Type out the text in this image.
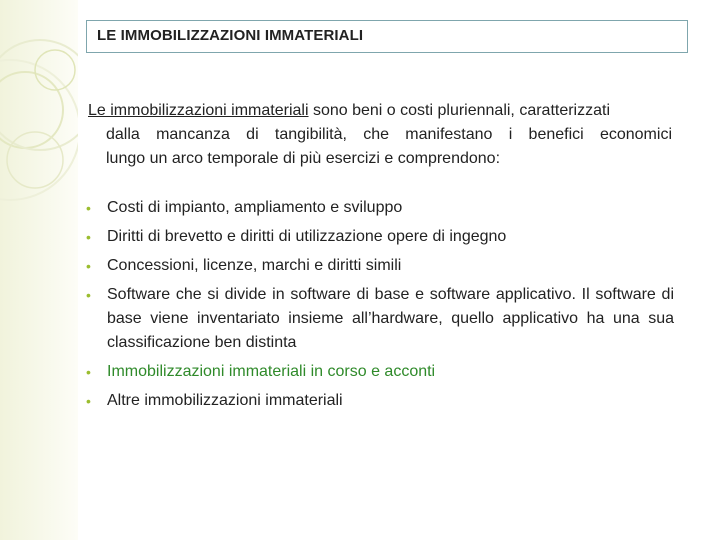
LE IMMOBILIZZAZIONI IMMATERIALI
Le immobilizzazioni immateriali sono beni o costi pluriennali, caratterizzati
dalla mancanza di tangibilità, che manifestano i benefici economici
lungo un arco temporale di più esercizi e comprendono:
• Costi di impianto, ampliamento e sviluppo
• Diritti di brevetto e diritti di utilizzazione opere di ingegno
• Concessioni, licenze, marchi e diritti simili
• Software che si divide in software di base e software applicativo. Il software di base viene inventariato insieme all’hardware, quello applicativo ha una sua classificazione ben distinta
• Immobilizzazioni immateriali in corso e acconti
• Altre immobilizzazioni immateriali
